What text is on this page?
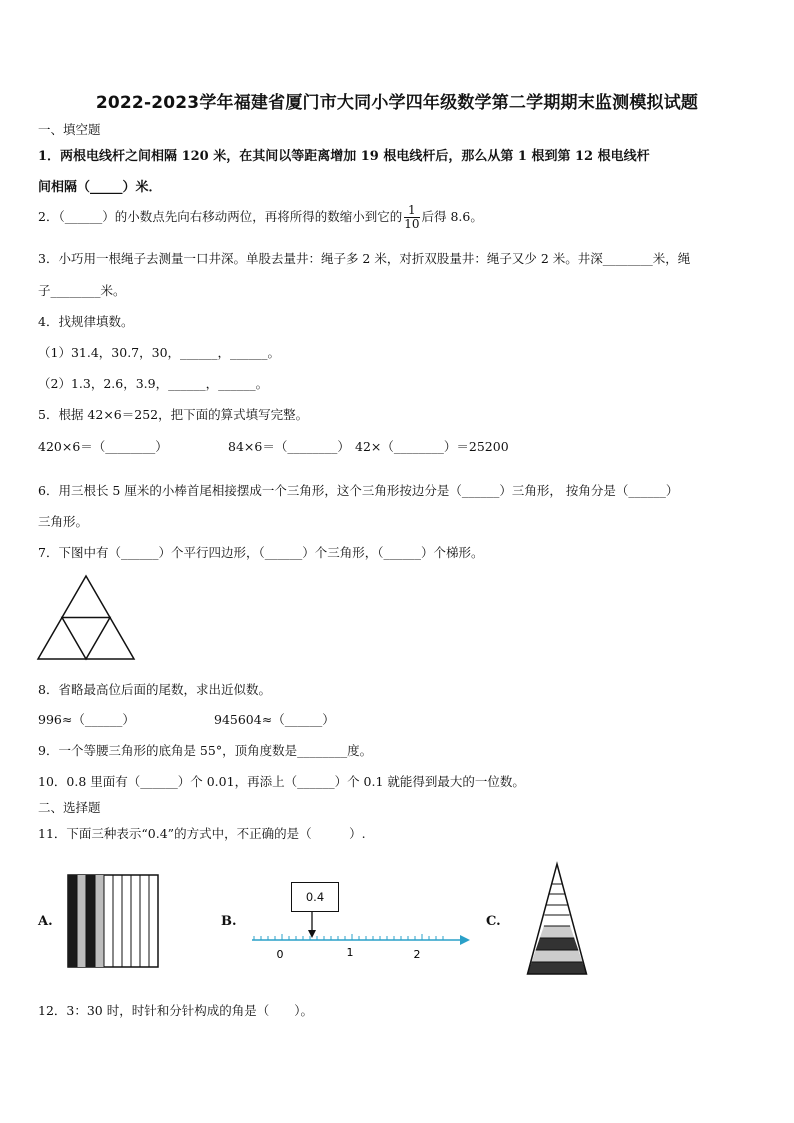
2022-2023学年福建省厦门市大同小学四年级数学第二学期期末监测模拟试题
一、填空题
1．两根电线杆之间相隔 120 米，在其间以等距离增加 19 根电线杆后，那么从第 1 根到第 12 根电线杆
间相隔（_____）米．
2．（______）的小数点先向右移动两位，再将所得的数缩小到它的 $\frac{1}{10}$ 后得 8.6。
3．小巧用一根绳子去测量一口井深。单股去量井：绳子多 2 米，对折双股量井：绳子又少 2 米。井深________米，绳
子________米。
4．找规律填数。
（1）31.4，30.7，30，______，______。
（2）1.3，2.6，3.9，______，______。
5．根据 42×6＝252，把下面的算式填写完整。
420×6＝（________）	84×6＝（________） 42×（________）＝25200
6．用三根长 5 厘米的小棒首尾相接摆成一个三角形，这个三角形按边分是（______）三角形， 按角分是（______）
三角形。
7．下图中有（______）个平行四边形，（______）个三角形，（______）个梯形。
8．省略最高位后面的尾数，求出近似数。
996≈（______）	945604≈（______）
9．一个等腰三角形的底角是 55°，顶角度数是________度。
10．0.8 里面有（______）个 0.01，再添上（______）个 0.1 就能得到最大的一位数。
二、选择题
11．下面三种表示“0.4”的方式中，不正确的是（　　　）.
A.	B.
0.4
0	1	2
C.
12．3：30 时，时针和分针构成的角是（　　）。
